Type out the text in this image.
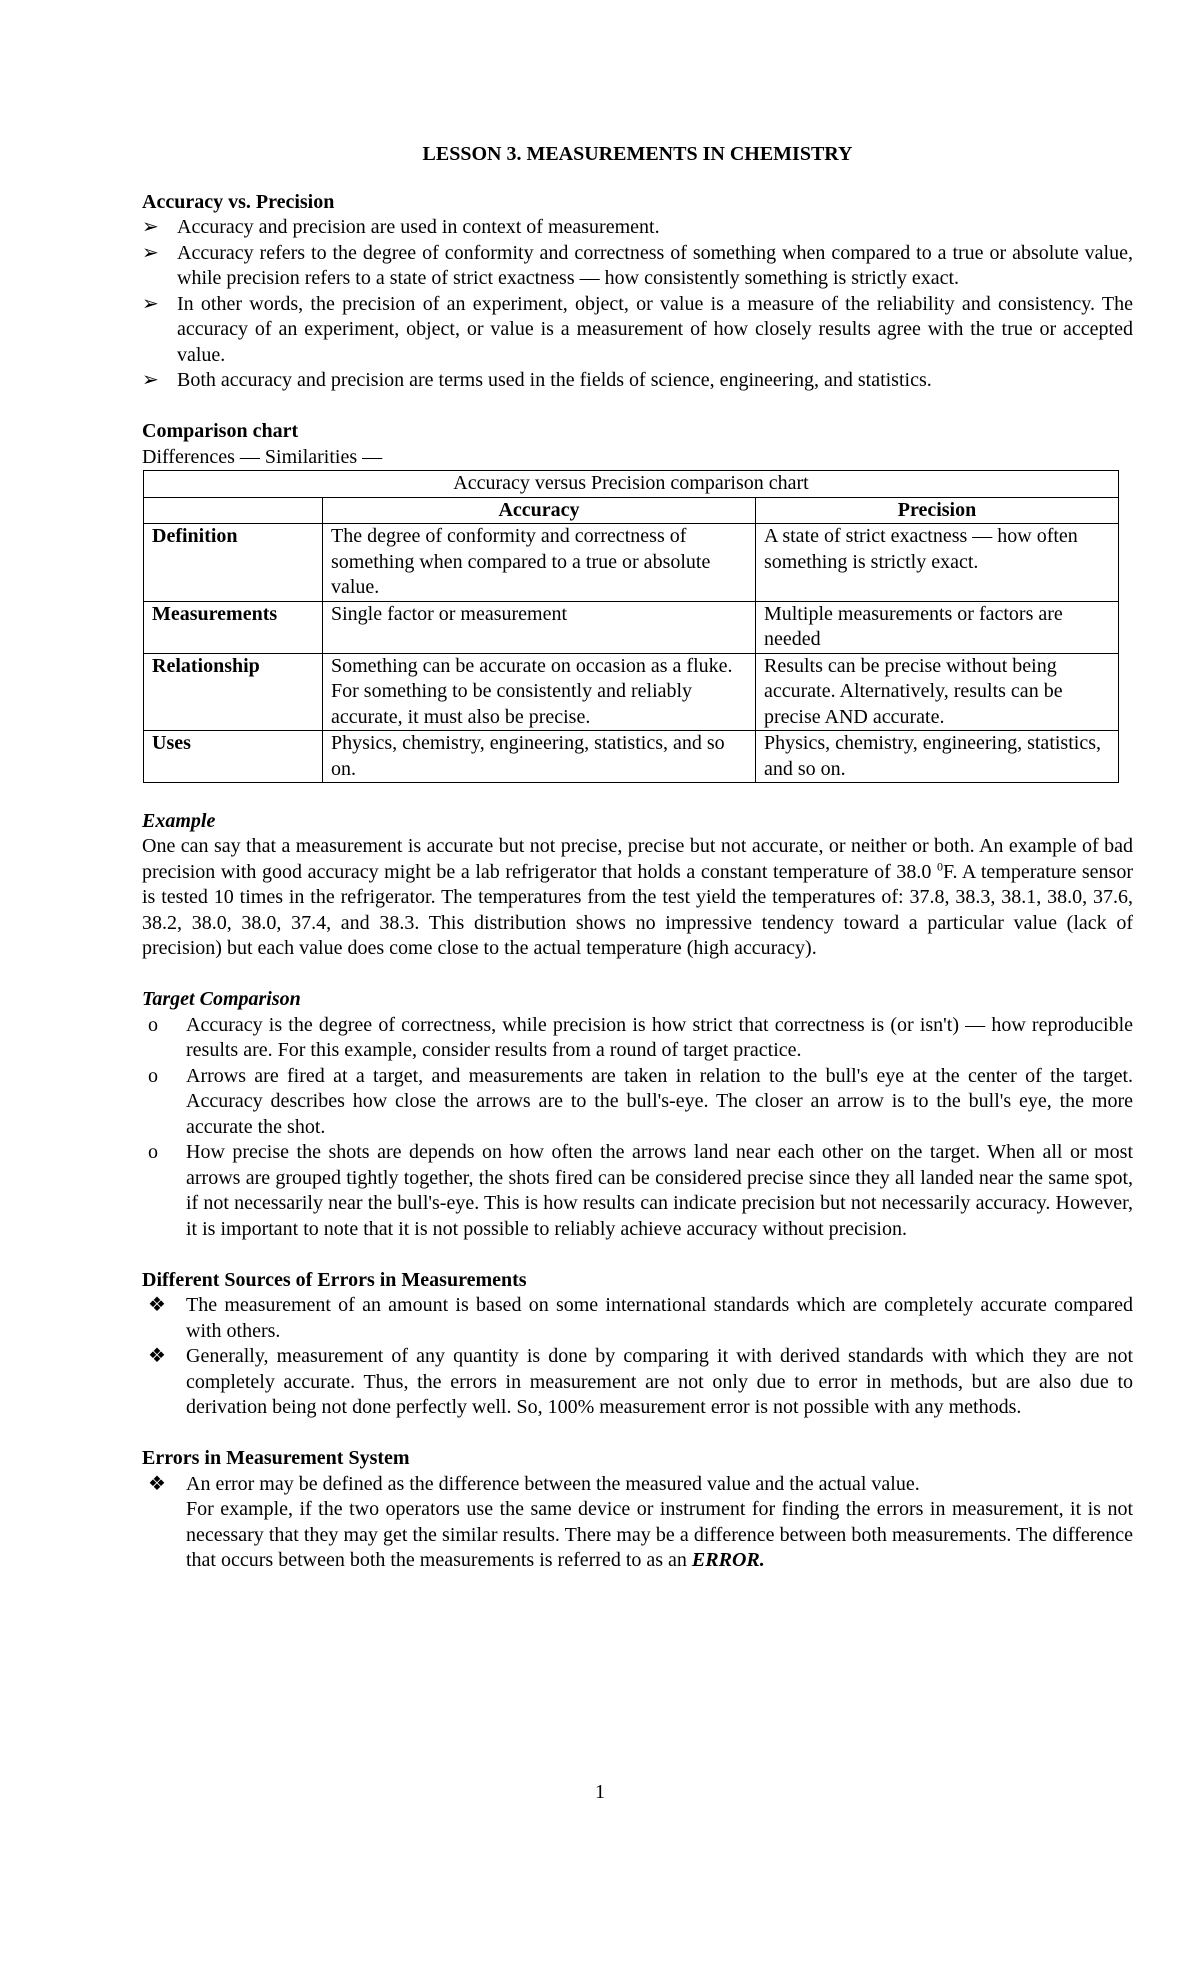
LESSON 3. MEASUREMENTS IN CHEMISTRY
Accuracy vs. Precision
➢ Accuracy and precision are used in context of measurement.
➢ Accuracy refers to the degree of conformity and correctness of something when compared to a true or absolute value, while precision refers to a state of strict exactness — how consistently something is strictly exact.
➢ In other words, the precision of an experiment, object, or value is a measure of the reliability and consistency. The accuracy of an experiment, object, or value is a measurement of how closely results agree with the true or accepted value.
➢ Both accuracy and precision are terms used in the fields of science, engineering, and statistics.
Comparison chart
Differences — Similarities —
Accuracy versus Precision comparison chart		
	Accuracy	Precision
Definition	The degree of conformity and correctness of something when compared to a true or absolute value.	A state of strict exactness — how often something is strictly exact.
Measurements	Single factor or measurement	Multiple measurements or factors are needed
Relationship	Something can be accurate on occasion as a fluke. For something to be consistently and reliably accurate, it must also be precise.	Results can be precise without being accurate. Alternatively, results can be precise AND accurate.
Uses	Physics, chemistry, engineering, statistics, and so on.	Physics, chemistry, engineering, statistics, and so on.
Example

One can say that a measurement is accurate but not precise, precise but not accurate, or neither or both. An example of bad precision with good accuracy might be a lab refrigerator that holds a constant temperature of 38.0 $^0$F. A temperature sensor is tested 10 times in the refrigerator. The temperatures from the test yield the temperatures of: 37.8, 38.3, 38.1, 38.0, 37.6, 38.2, 38.0, 38.0, 37.4, and 38.3. This distribution shows no impressive tendency toward a particular value (lack of precision) but each value does come close to the actual temperature (high accuracy).

Target Comparison
o	Accuracy is the degree of correctness, while precision is how strict that correctness is (or isn't) — how reproducible results are. For this example, consider results from a round of target practice.
o	Arrows are fired at a target, and measurements are taken in relation to the bull's eye at the center of the target. Accuracy describes how close the arrows are to the bull's-eye. The closer an arrow is to the bull's eye, the more accurate the shot.
o	How precise the shots are depends on how often the arrows land near each other on the target. When all or most arrows are grouped tightly together, the shots fired can be considered precise since they all landed near the same spot, if not necessarily near the bull's-eye. This is how results can indicate precision but not necessarily accuracy. However, it is important to note that it is not possible to reliably achieve accuracy without precision.
Different Sources of Errors in Measurements
❖	The measurement of an amount is based on some international standards which are completely accurate compared with others.
❖	Generally, measurement of any quantity is done by comparing it with derived standards with which they are not completely accurate. Thus, the errors in measurement are not only due to error in methods, but are also due to derivation being not done perfectly well. So, 100% measurement error is not possible with any methods.
Errors in Measurement System
❖	An error may be defined as the difference between the measured value and the actual value.

For example, if the two operators use the same device or instrument for finding the errors in measurement, it is not necessary that they may get the similar results. There may be a difference between both measurements. The difference that occurs between both the measurements is referred to as an ERROR.

1
